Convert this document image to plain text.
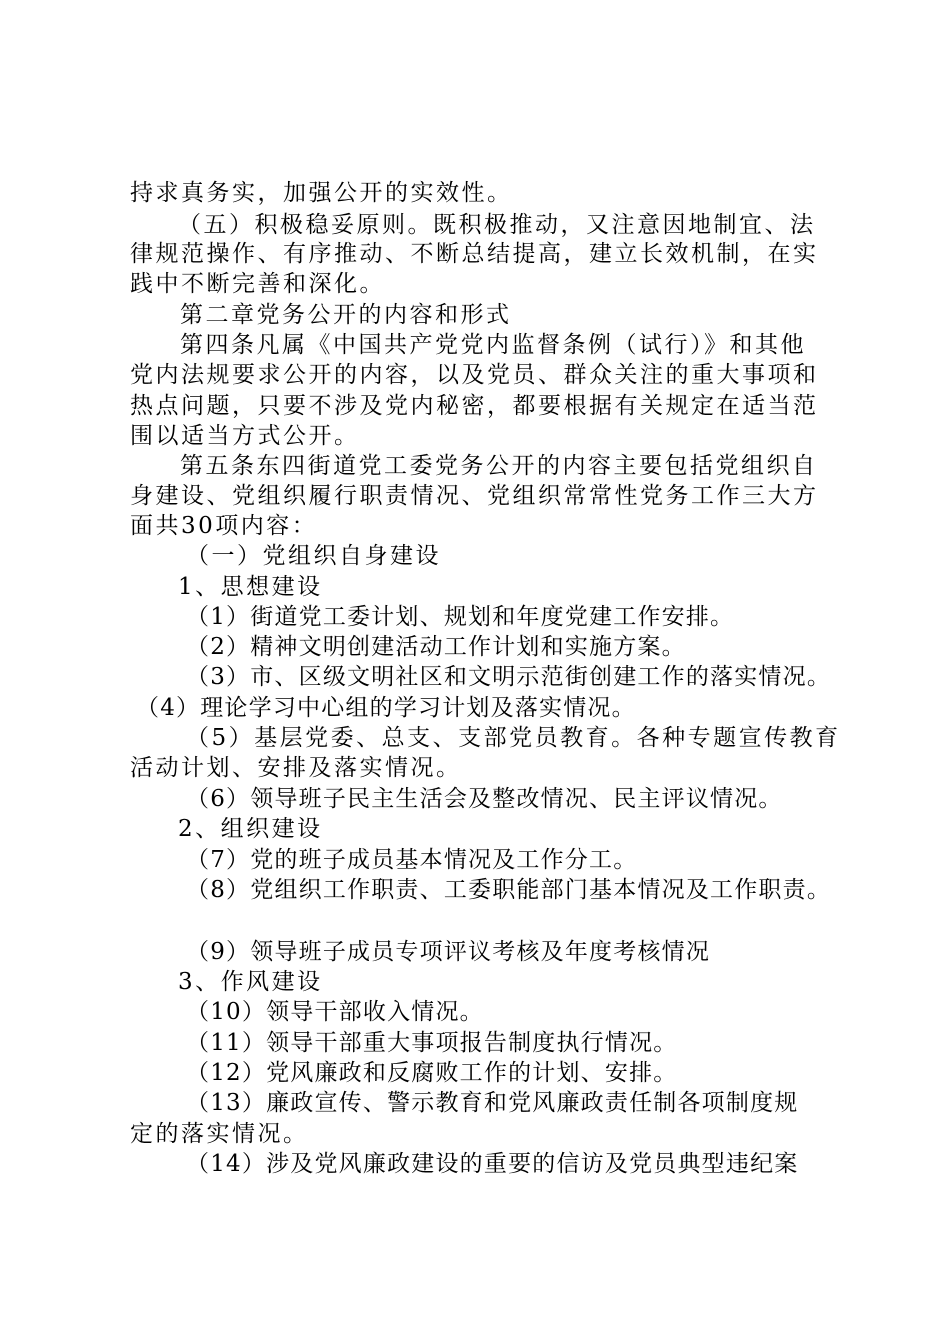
持求真务实，加强公开的实效性。
（五）积极稳妥原则。既积极推动，又注意因地制宜、法
律规范操作、有序推动、不断总结提高，建立长效机制，在实
践中不断完善和深化。
第二章党务公开的内容和形式
第四条凡属《中国共产党党内监督条例（试行）》和其他
党内法规要求公开的内容，以及党员、群众关注的重大事项和
热点问题，只要不涉及党内秘密，都要根据有关规定在适当范
围以适当方式公开。
第五条东四街道党工委党务公开的内容主要包括党组织自
身建设、党组织履行职责情况、党组织常常性党务工作三大方
面共30项内容：
（一）党组织自身建设
1、思想建设
（1）街道党工委计划、规划和年度党建工作安排。
（2）精神文明创建活动工作计划和实施方案。
（3）市、区级文明社区和文明示范街创建工作的落实情况。
（4）理论学习中心组的学习计划及落实情况。
（5）基层党委、总支、支部党员教育。各种专题宣传教育
活动计划、安排及落实情况。
（6）领导班子民主生活会及整改情况、民主评议情况。
2、组织建设
（7）党的班子成员基本情况及工作分工。
（8）党组织工作职责、工委职能部门基本情况及工作职责。
（9）领导班子成员专项评议考核及年度考核情况
3、作风建设
（10）领导干部收入情况。
（11）领导干部重大事项报告制度执行情况。
（12）党风廉政和反腐败工作的计划、安排。
（13）廉政宣传、警示教育和党风廉政责任制各项制度规
定的落实情况。
（14）涉及党风廉政建设的重要的信访及党员典型违纪案
